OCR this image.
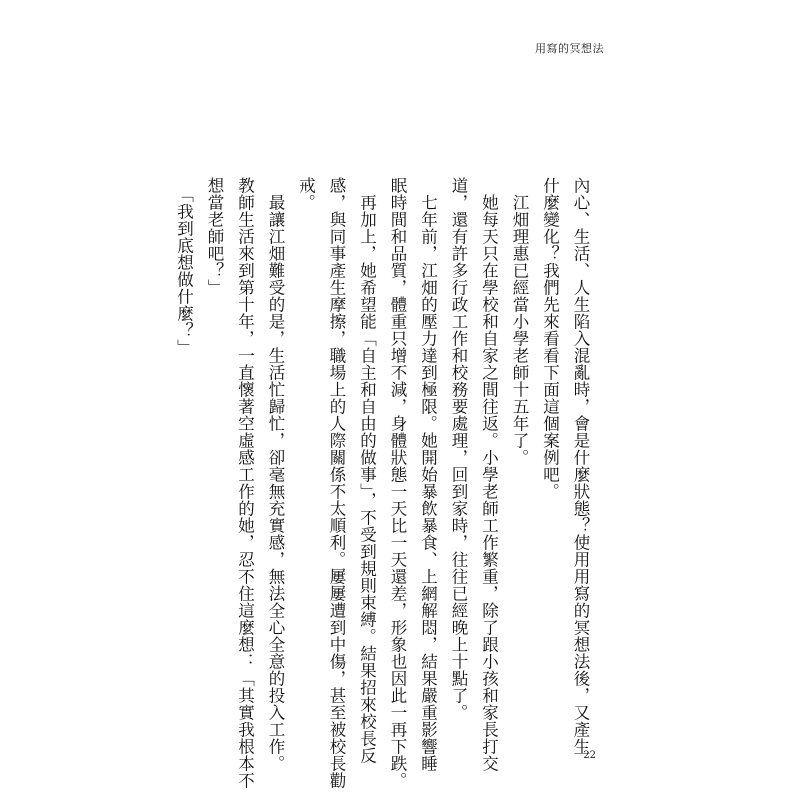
用寫的冥想法

內心、生活、人生陷入混亂時，會是什麼狀態？使用用寫的冥想法後，又產生

什麼變化？我們先來看看下面這個案例吧。

　江畑理惠已經當小學老師十五年了。

　她每天只在學校和自家之間往返。小學老師工作繁重，除了跟小孩和家長打交

道，還有許多行政工作和校務要處理，回到家時，往往已經晚上十點了。

　七年前，江畑的壓力達到極限。她開始暴飲暴食、上網解悶，結果嚴重影響睡

眠時間和品質，體重只增不減，身體狀態一天比一天還差，形象也因此一再下跌。

　再加上，她希望能「自主和自由的做事」，不受到規則束縛。結果招來校長反

感，與同事產生摩擦，職場上的人際關係不太順利。屢屢遭到中傷，甚至被校長勸

戒。

　最讓江畑難受的是，生活忙歸忙，卻毫無充實感，無法全心全意的投入工作。

教師生活來到第十年，一直懷著空虛感工作的她，忍不住這麼想：「其實我根本不

想當老師吧？」

　「我到底想做什麼？」

22
